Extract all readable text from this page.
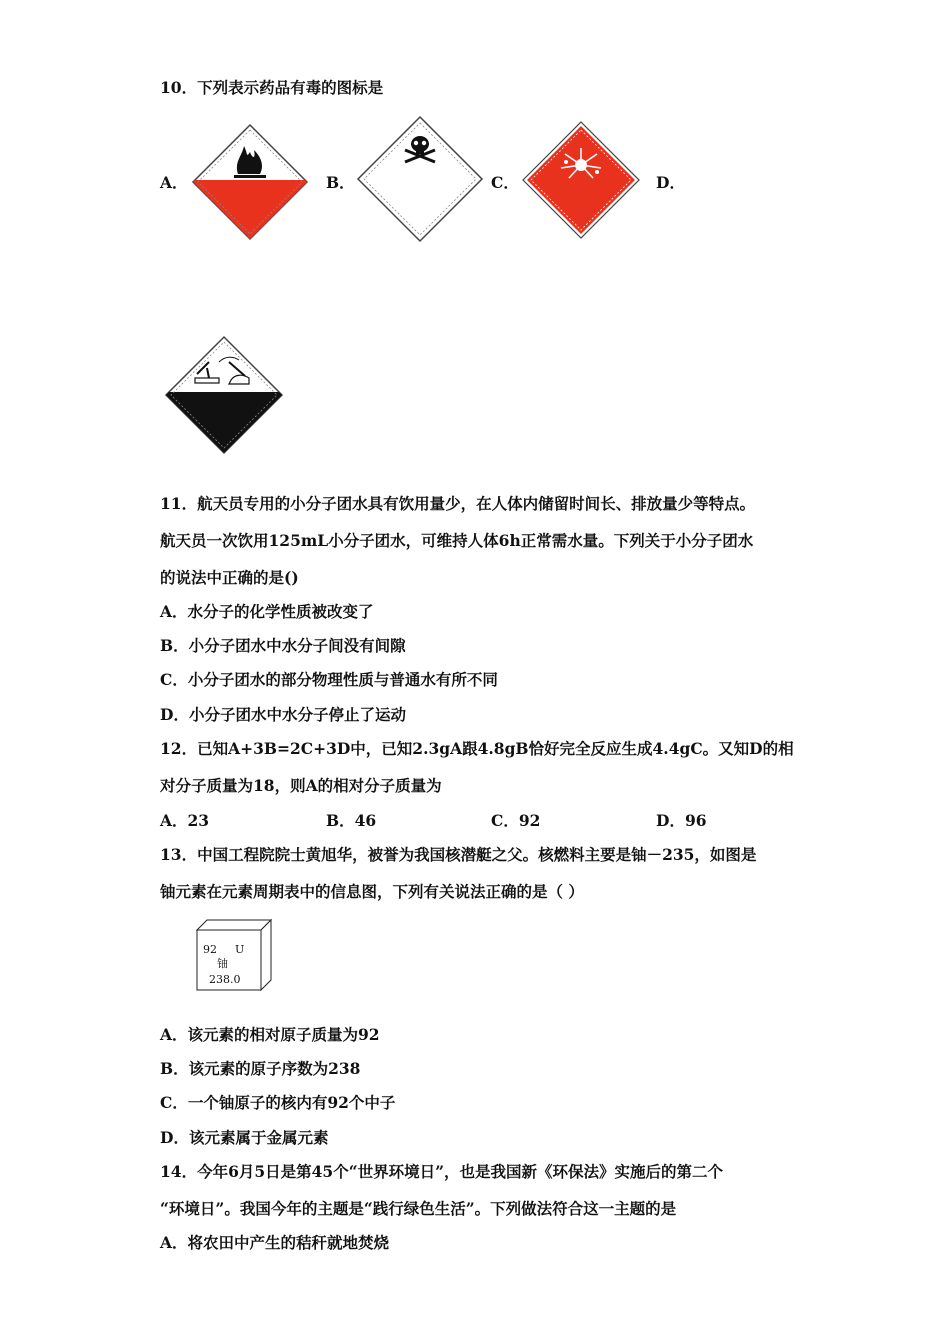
10．下列表示药品有毒的图标是
A．	B．	C．	D．
11．航天员专用的小分子团水具有饮用量少，在人体内储留时间长、排放量少等特点。
航天员一次饮用125mL小分子团水，可维持人体6h正常需水量。下列关于小分子团水
的说法中正确的是()
A．水分子的化学性质被改变了
B．小分子团水中水分子间没有间隙
C．小分子团水的部分物理性质与普通水有所不同
D．小分子团水中水分子停止了运动
12．已知A+3B=2C+3D中，已知2.3gA跟4.8gB恰好完全反应生成4.4gC。又知D的相
对分子质量为18，则A的相对分子质量为
A．23	B．46	C．92	D．96
13．中国工程院院士黄旭华，被誉为我国核潜艇之父。核燃料主要是铀－235，如图是
铀元素在元素周期表中的信息图，下列有关说法正确的是（ ）
92 U
铀
238.0
A．该元素的相对原子质量为92
B．该元素的原子序数为238
C．一个铀原子的核内有92个中子
D．该元素属于金属元素
14．今年6月5日是第45个“世界环境日”，也是我国新《环保法》实施后的第二个
“环境日”。我国今年的主题是“践行绿色生活”。下列做法符合这一主题的是
A．将农田中产生的秸秆就地焚烧
